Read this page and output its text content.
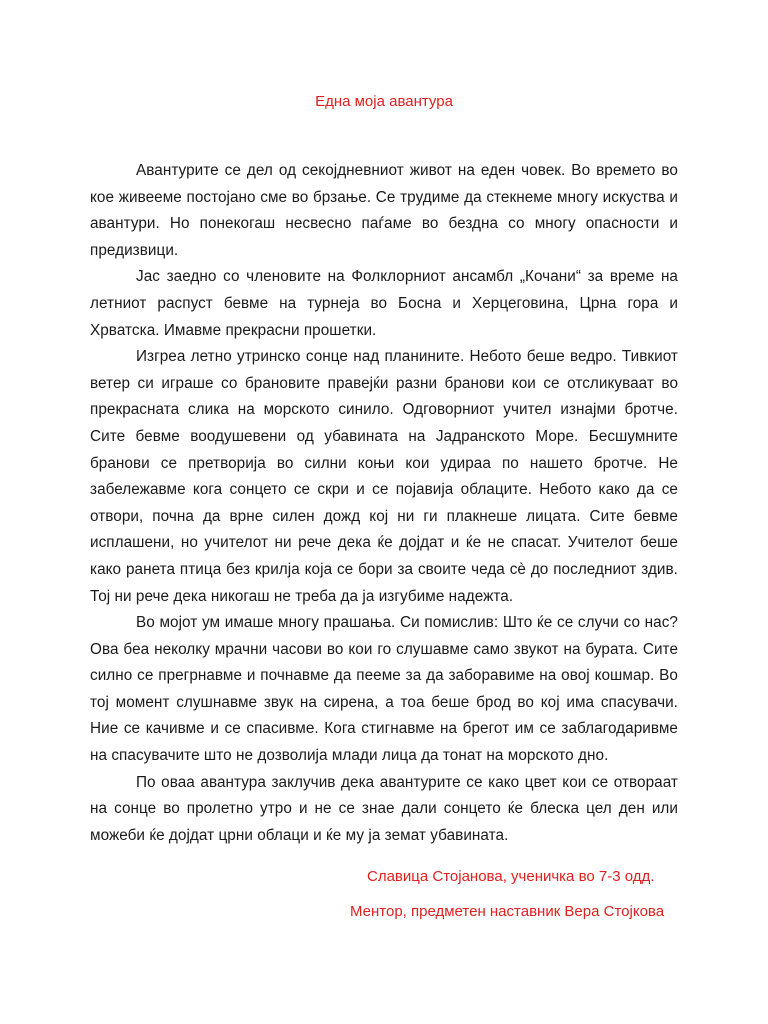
Една моја авантура

Авантурите се дел од секојдневниот живот на еден човек. Во времето во кое живееме постојано сме во брзање. Се трудиме да стекнеме многу искуства и авантури. Но понекогаш несвесно паѓаме во бездна со многу опасности и предизвици.

Јас заедно со членовите на Фолклорниот ансамбл „Кочани“ за време на летниот распуст бевме на турнеја во Босна и Херцеговина, Црна гора и Хрватска. Имавме прекрасни прошетки.

Изгреа летно утринско сонце над планините. Небото беше ведро. Тивкиот ветер си играше со брановите правејќи разни бранови кои се отсликуваат во прекрасната слика на морското синило. Одговорниот учител изнајми бротче. Сите бевме воодушевени од убавината на Јадранското Море. Бесшумните бранови се претворија во силни коњи кои удираа по нашето бротче. Не забележавме кога сонцето се скри и се појавија облаците. Небото како да се отвори, почна да врне силен дожд кој ни ги плакнеше лицата. Сите бевме исплашени, но учителот ни рече дека ќе дојдат и ќе не спасат. Учителот беше како ранета птица без крилја која се бори за своите чеда сè до последниот здив. Тој ни рече дека никогаш не треба да ја изгубиме надежта.

Во мојот ум имаше многу прашања. Си помислив: Што ќе се случи со нас? Ова беа неколку мрачни часови во кои го слушавме само звукот на бурата. Сите силно се прегрнавме и почнавме да пееме за да заборавиме на овој кошмар. Во тој момент слушнавме звук на сирена, а тоа беше брод во кој има спасувачи. Ние се качивме и се спасивме. Кога стигнавме на брегот им се заблагодаривме на спасувачите што не дозволија млади лица да тонат на морското дно.

По оваа авантура заклучив дека авантурите се како цвет кои се отвораат на сонце во пролетно утро и не се знае дали сонцето ќе блеска цел ден или можеби ќе дојдат црни облаци и ќе му ја земат убавината.

Славица Стојанова, ученичка во 7-3 одд.
Ментор, предметен наставник Вера Стојкова
